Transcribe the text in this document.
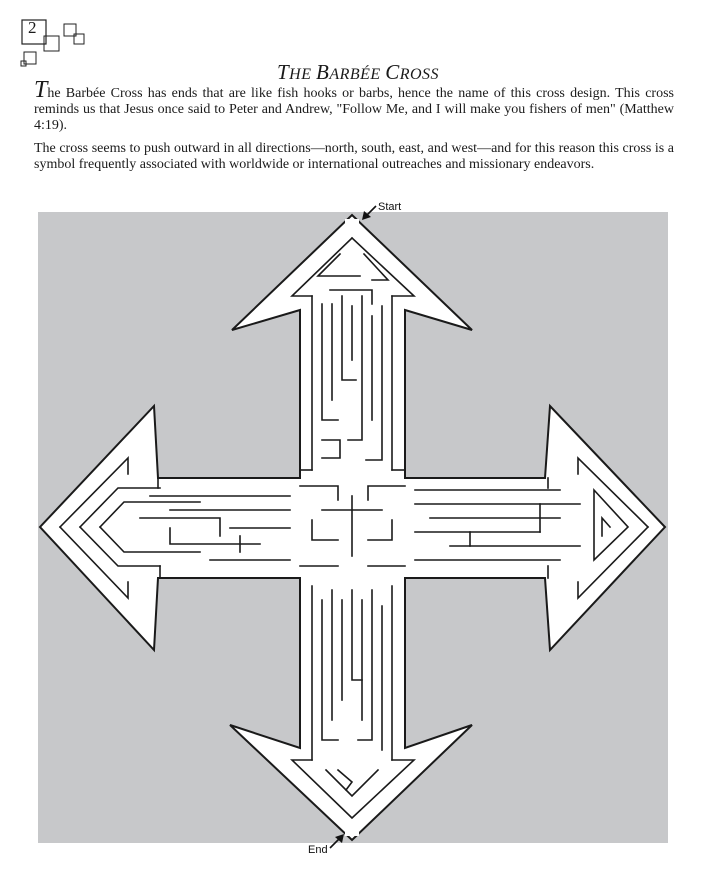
2
THE BARBÉE CROSS

The Barbée Cross has ends that are like fish hooks or barbs, hence the name of this cross design. This cross reminds us that Jesus once said to Peter and Andrew, "Follow Me, and I will make you fishers of men" (Matthew 4:19).

The cross seems to push outward in all directions—north, south, east, and west—and for this reason this cross is a symbol frequently associated with worldwide or international outreaches and missionary endeavors.

Start
End
